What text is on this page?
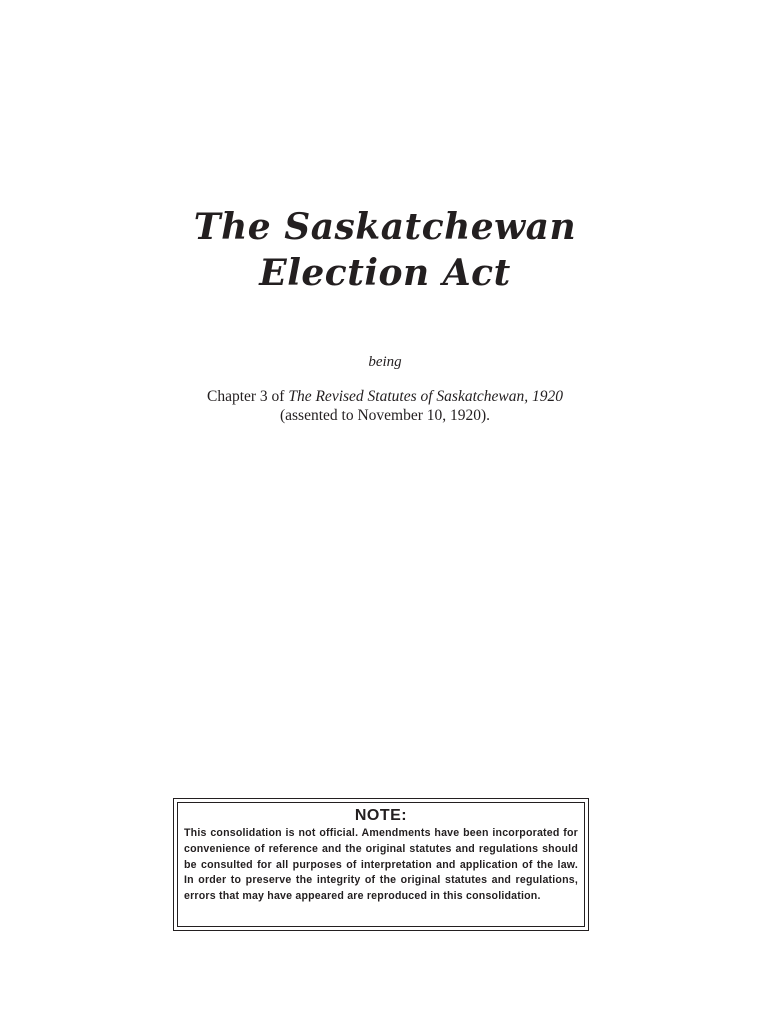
The Saskatchewan
Election Act
being
Chapter 3 of The Revised Statutes of Saskatchewan, 1920
(assented to November 10, 1920).
NOTE:
This consolidation is not official. Amendments have been incorporated for convenience of reference and the original statutes and regulations should be consulted for all purposes of interpretation and application of the law. In order to preserve the integrity of the original statutes and regulations, errors that may have appeared are reproduced in this consolidation.
